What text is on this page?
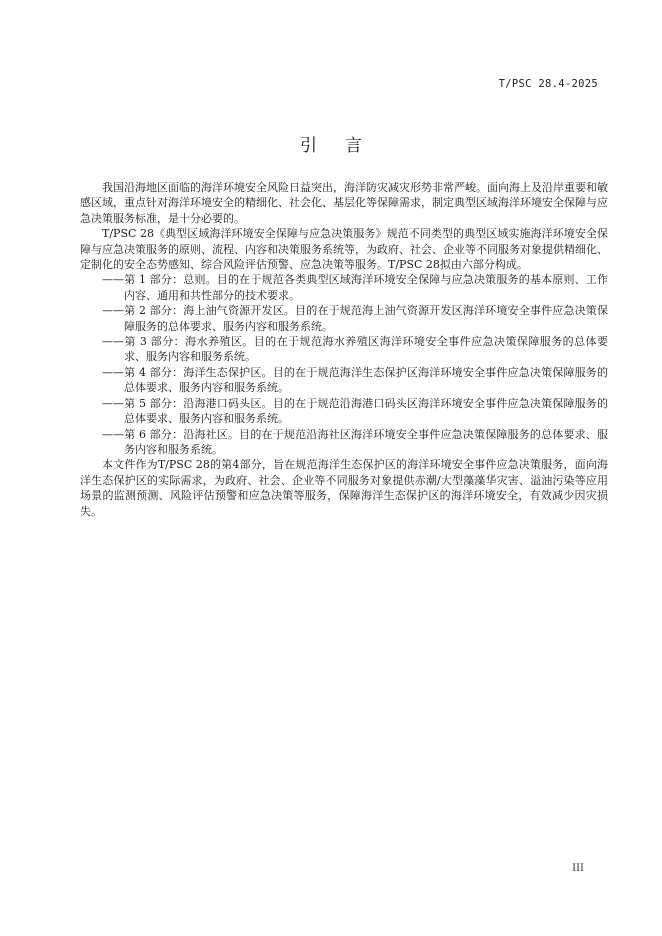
T/PSC 28.4-2025
引 言

我国沿海地区面临的海洋环境安全风险日益突出，海洋防灾减灾形势非常严峻。面向海上及沿岸重要和敏感区域，重点针对海洋环境安全的精细化、社会化、基层化等保障需求，制定典型区域海洋环境安全保障与应急决策服务标准，是十分必要的。

T/PSC 28《典型区域海洋环境安全保障与应急决策服务》规范不同类型的典型区域实施海洋环境安全保障与应急决策服务的原则、流程、内容和决策服务系统等，为政府、社会、企业等不同服务对象提供精细化、定制化的安全态势感知、综合风险评估预警、应急决策等服务。T/PSC 28拟由六部分构成。

——第 1 部分：总则。目的在于规范各类典型区域海洋环境安全保障与应急决策服务的基本原则、工作内容、通用和共性部分的技术要求。

——第 2 部分：海上油气资源开发区。目的在于规范海上油气资源开发区海洋环境安全事件应急决策保障服务的总体要求、服务内容和服务系统。

——第 3 部分：海水养殖区。目的在于规范海水养殖区海洋环境安全事件应急决策保障服务的总体要求、服务内容和服务系统。

——第 4 部分：海洋生态保护区。目的在于规范海洋生态保护区海洋环境安全事件应急决策保障服务的总体要求、服务内容和服务系统。

——第 5 部分：沿海港口码头区。目的在于规范沿海港口码头区海洋环境安全事件应急决策保障服务的总体要求、服务内容和服务系统。

——第 6 部分：沿海社区。目的在于规范沿海社区海洋环境安全事件应急决策保障服务的总体要求、服务内容和服务系统。

本文件作为T/PSC 28的第4部分，旨在规范海洋生态保护区的海洋环境安全事件应急决策服务，面向海洋生态保护区的实际需求，为政府、社会、企业等不同服务对象提供赤潮/大型藻藻华灾害、溢油污染等应用场景的监测预测、风险评估预警和应急决策等服务，保障海洋生态保护区的海洋环境安全，有效减少因灾损失。

III
